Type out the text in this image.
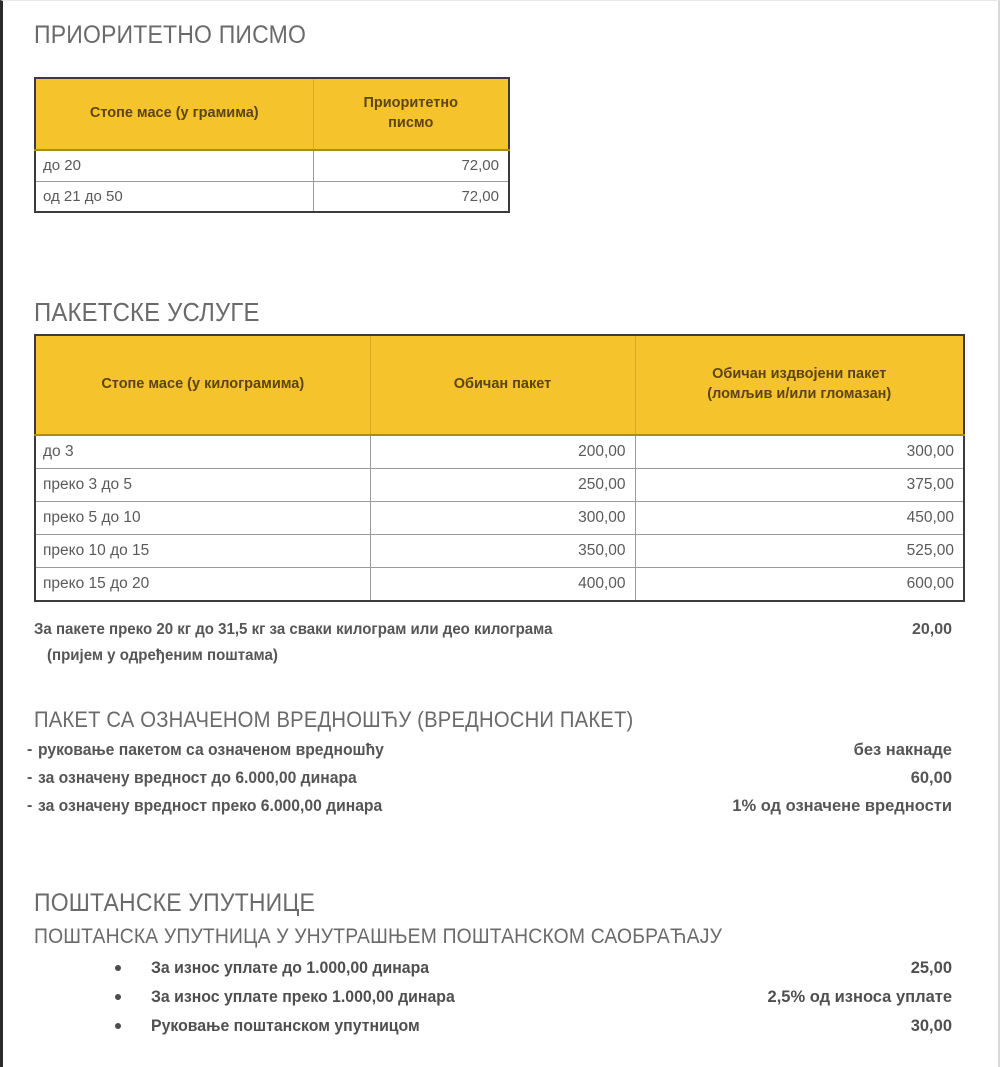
ПРИОРИТЕТНО ПИСМО
Стопе масе (у грамима)	Приоритетно
писмо
до 20	72,00
од 21 до 50	72,00
ПАКЕТСКЕ УСЛУГЕ
Стопе масе (у килограмима)	Обичан пакет	Обичан издвојени пакет
(ломљив и/или гломазан)
до 3	200,00	300,00
преко 3 до 5	250,00	375,00
преко 5 до 10	300,00	450,00
преко 10 до 15	350,00	525,00
преко 15 до 20	400,00	600,00
За пакете преко 20 кг до 31,5 кг за сваки килограм или део килограма	20,00
(пријем у одређеним поштама)
ПАКЕТ СА ОЗНАЧЕНОМ ВРЕДНОШЋУ (ВРЕДНОСНИ ПАКЕТ)
- руковање пакетом са означеном вредношћу	без накнаде
- за означену вредност до 6.000,00 динара	60,00
- за означену вредност преко 6.000,00 динара	1% од означене вредности
ПОШТАНСКЕ УПУТНИЦЕ
ПОШТАНСКА УПУТНИЦА У УНУТРАШЊЕМ ПОШТАНСКОМ САОБРАЋАЈУ
За износ уплате до 1.000,00 динара	25,00
За износ уплате преко 1.000,00 динара	2,5% од износа уплате
Руковање поштанском упутницом	30,00
